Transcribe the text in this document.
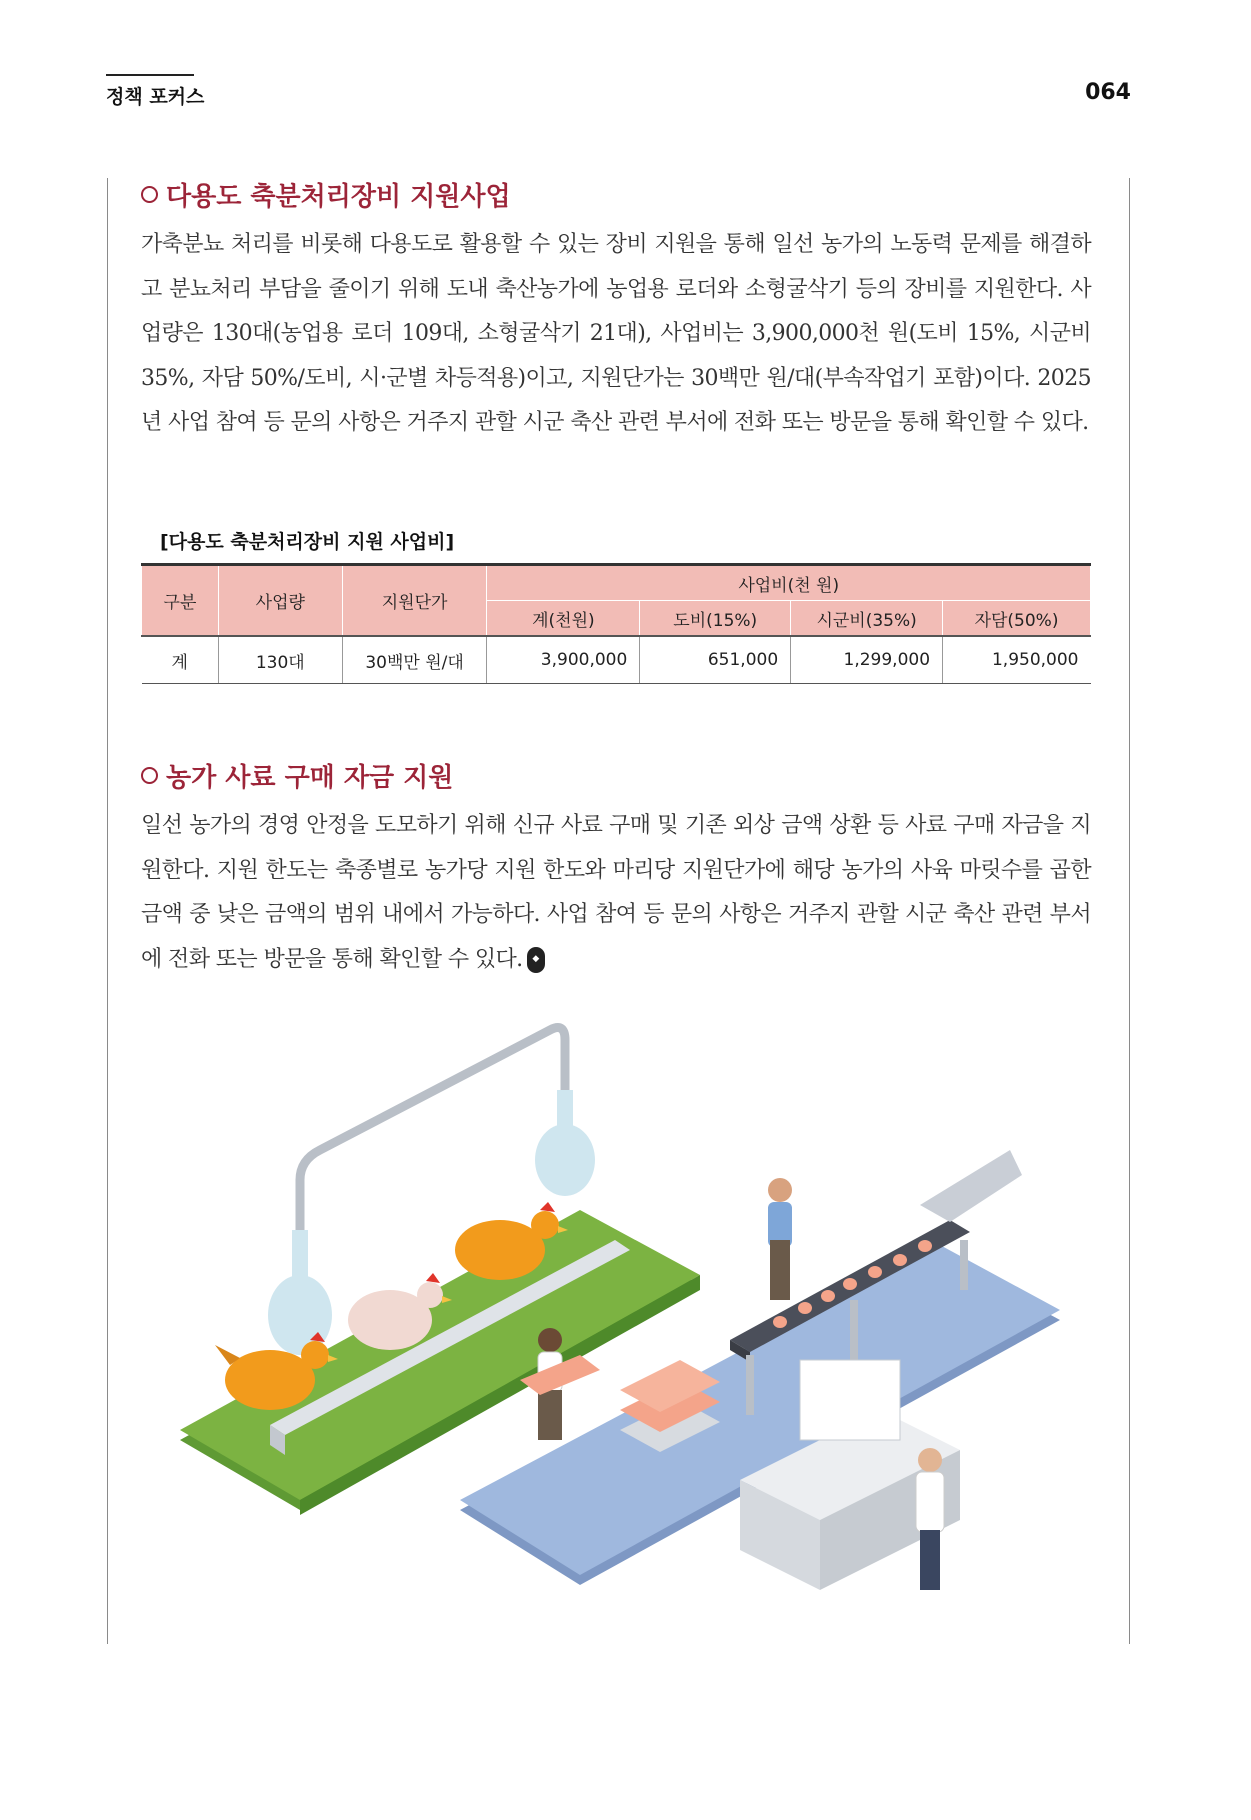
정책 포커스	064
다용도 축분처리장비 지원사업

가축분뇨 처리를 비롯해 다용도로 활용할 수 있는 장비 지원을 통해 일선 농가의 노동력 문제를 해결하고 분뇨처리 부담을 줄이기 위해 도내 축산농가에 농업용 로더와 소형굴삭기 등의 장비를 지원한다. 사업량은 130대(농업용 로더 109대, 소형굴삭기 21대), 사업비는 3,900,000천 원(도비 15%, 시군비 35%, 자담 50%/도비, 시·군별 차등적용)이고, 지원단가는 30백만 원/대(부속작업기 포함)이다. 2025년 사업 참여 등 문의 사항은 거주지 관할 시군 축산 관련 부서에 전화 또는 방문을 통해 확인할 수 있다.

[다용도 축분처리장비 지원 사업비]
구분	사업량	지원단가	사업비(천 원)			
			계(천원)	도비(15%)	시군비(35%)	자담(50%)
계	130대	30백만 원/대	3,900,000	651,000	1,299,000	1,950,000
농가 사료 구매 자금 지원

일선 농가의 경영 안정을 도모하기 위해 신규 사료 구매 및 기존 외상 금액 상환 등 사료 구매 자금을 지원한다. 지원 한도는 축종별로 농가당 지원 한도와 마리당 지원단가에 해당 농가의 사육 마릿수를 곱한 금액 중 낮은 금액의 범위 내에서 가능하다. 사업 참여 등 문의 사항은 거주지 관할 시군 축산 관련 부서에 전화 또는 방문을 통해 확인할 수 있다. ◆
